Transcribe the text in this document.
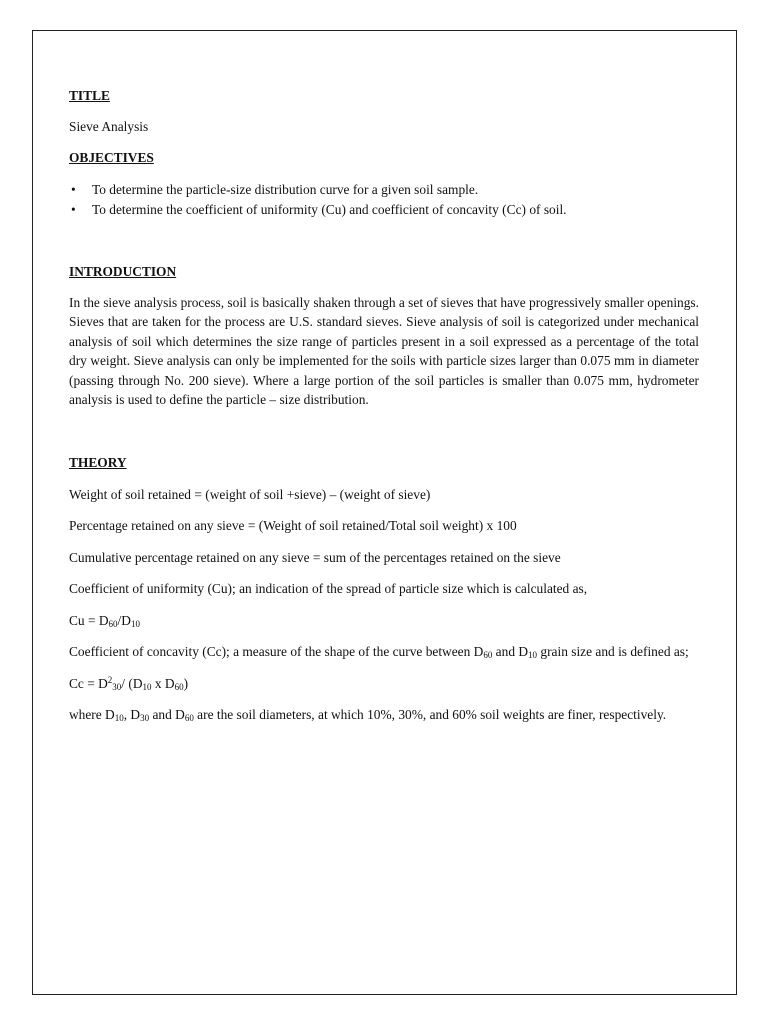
TITLE

Sieve Analysis

OBJECTIVES

• To determine the particle-size distribution curve for a given soil sample.
• To determine the coefficient of uniformity (Cu) and coefficient of concavity (Cc) of soil.

INTRODUCTION

In the sieve analysis process, soil is basically shaken through a set of sieves that have progressively smaller openings. Sieves that are taken for the process are U.S. standard sieves. Sieve analysis of soil is categorized under mechanical analysis of soil which determines the size range of particles present in a soil expressed as a percentage of the total dry weight. Sieve analysis can only be implemented for the soils with particle sizes larger than 0.075 mm in diameter (passing through No. 200 sieve). Where a large portion of the soil particles is smaller than 0.075 mm, hydrometer analysis is used to define the particle – size distribution.

THEORY

Weight of soil retained = (weight of soil +sieve) – (weight of sieve)

Percentage retained on any sieve = (Weight of soil retained/Total soil weight) x 100

Cumulative percentage retained on any sieve = sum of the percentages retained on the sieve

Coefficient of uniformity (Cu); an indication of the spread of particle size which is calculated as,

$Cu = D_{60}/D_{10}$

Coefficient of concavity (Cc); a measure of the shape of the curve between $D_{60}$ and $D_{10}$ grain size and is defined as;

$Cc = D^2_{30}/$ ($D_{10}$ x $D_{60}$)

where $D_{10}$, $D_{30}$ and $D_{60}$ are the soil diameters, at which 10%, 30%, and 60% soil weights are finer, respectively.
